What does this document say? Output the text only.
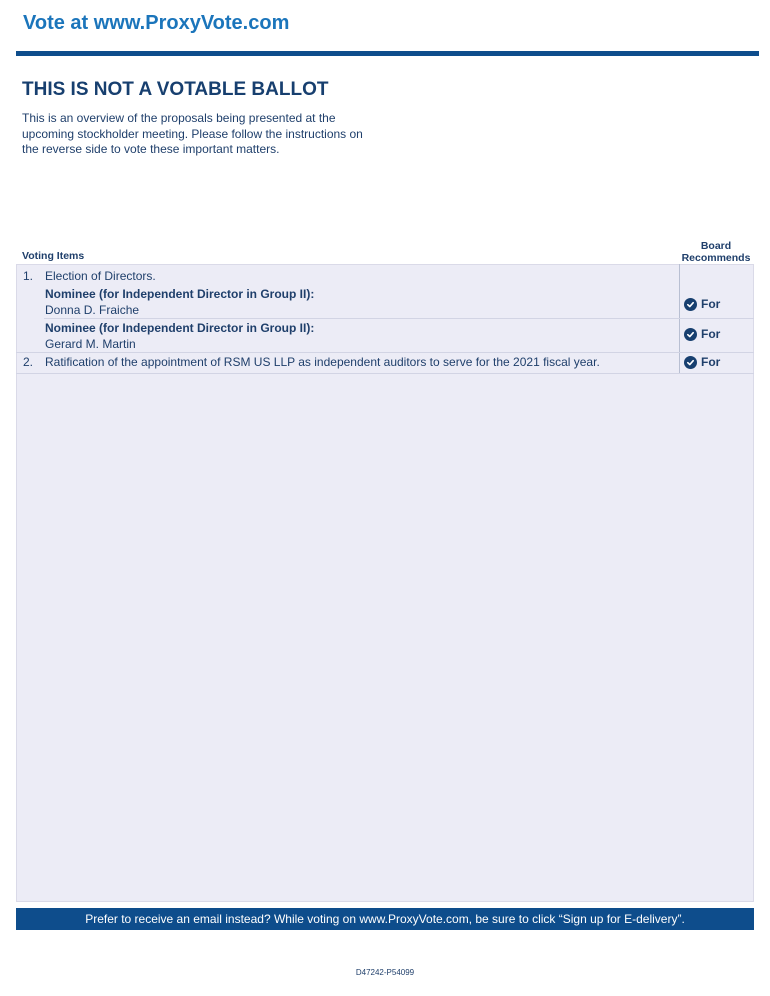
Vote at www.ProxyVote.com
THIS IS NOT A VOTABLE BALLOT
This is an overview of the proposals being presented at the
upcoming stockholder meeting. Please follow the instructions on
the reverse side to vote these important matters.
Voting Items
Board
Recommends
1. Election of Directors.
Nominee (for Independent Director in Group II):
Donna D. Fraiche	For
Nominee (for Independent Director in Group II):
Gerard M. Martin
For
2. Ratification of the appointment of RSM US LLP as independent auditors to serve for the 2021 fiscal year.	For
Prefer to receive an email instead? While voting on www.ProxyVote.com, be sure to click “Sign up for E-delivery”.
D47242-P54099
